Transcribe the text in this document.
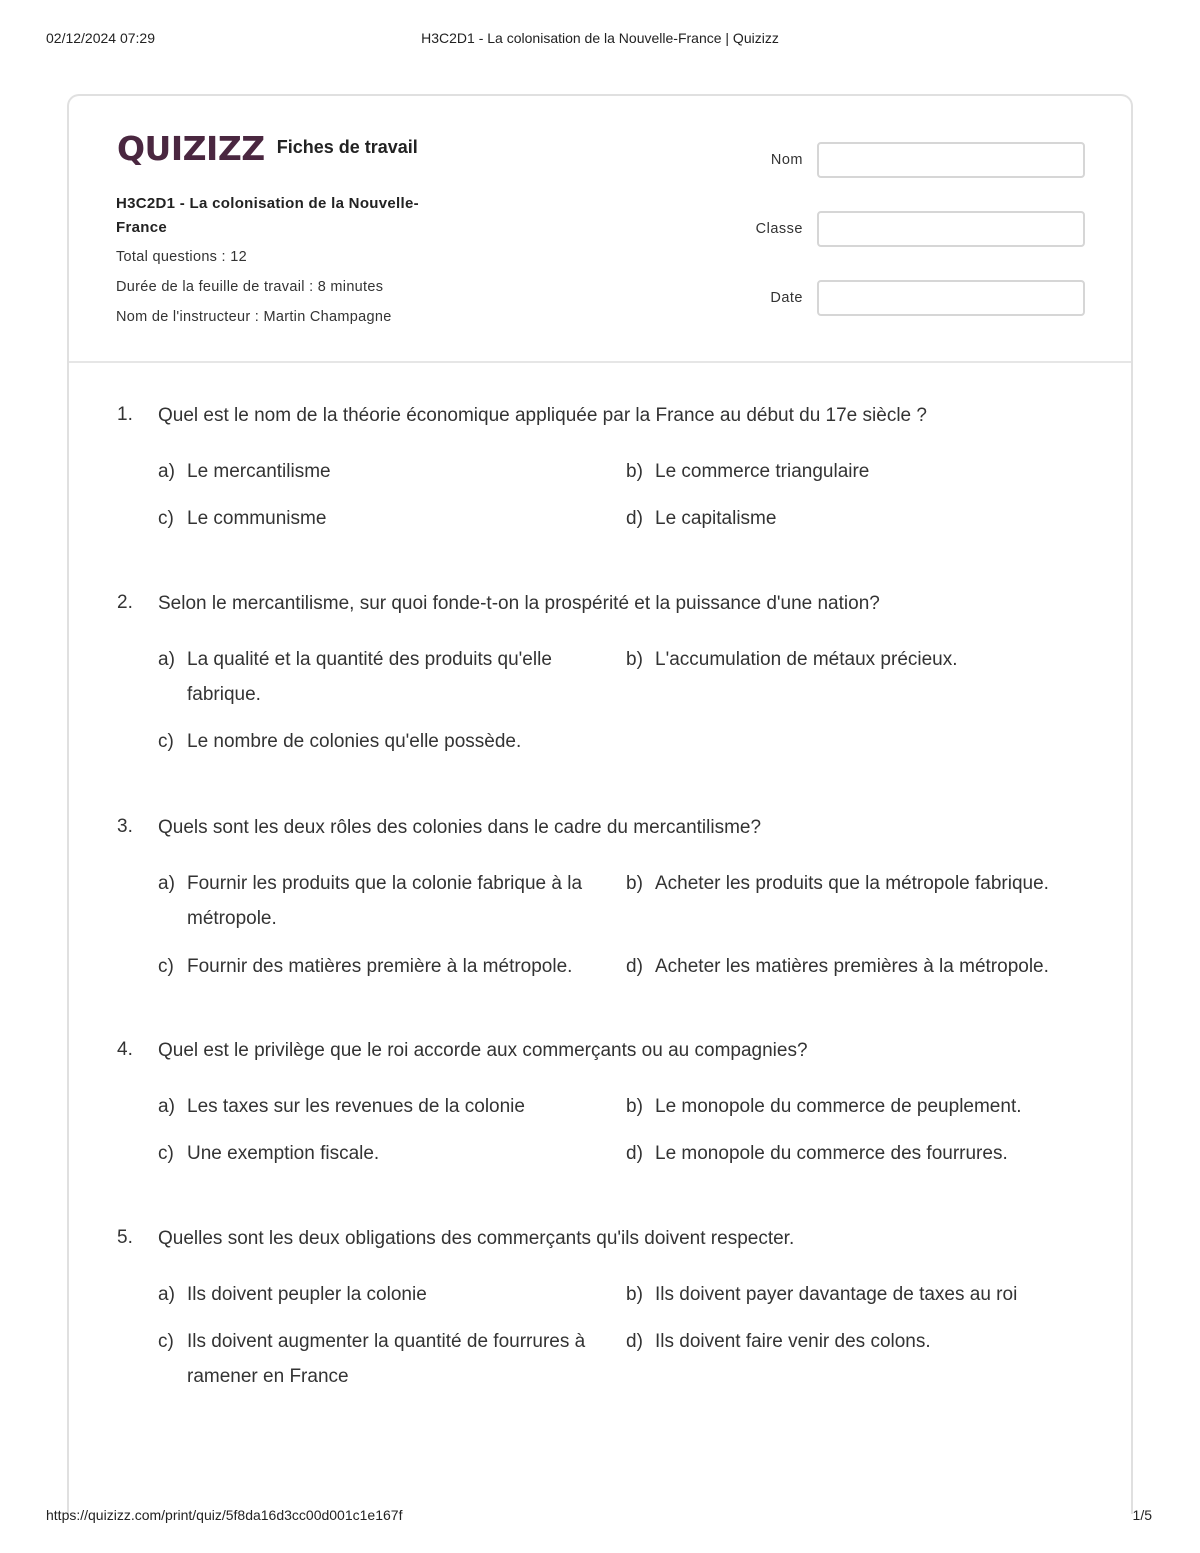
02/12/2024 07:29	H3C2D1 - La colonisation de la Nouvelle-France | Quizizz
QUIZIZZ Fiches de travail
H3C2D1 - La colonisation de la Nouvelle-France
Total questions : 12
Durée de la feuille de travail : 8 minutes
Nom de l'instructeur : Martin Champagne
Nom
Classe
Date
1. Quel est le nom de la théorie économique appliquée par la France au début du 17e siècle ?
a) Le mercantilisme	b) Le commerce triangulaire
c) Le communisme	d) Le capitalisme
2. Selon le mercantilisme, sur quoi fonde-t-on la prospérité et la puissance d'une nation?
a) La qualité et la quantité des produits qu'elle fabrique.
b) L'accumulation de métaux précieux.
c) Le nombre de colonies qu'elle possède.
3. Quels sont les deux rôles des colonies dans le cadre du mercantilisme?
a) Fournir les produits que la colonie fabrique à la métropole.
b) Acheter les produits que la métropole fabrique.
c) Fournir des matières première à la métropole.	d) Acheter les matières premières à la métropole.
4. Quel est le privilège que le roi accorde aux commerçants ou au compagnies?
a) Les taxes sur les revenues de la colonie	b) Le monopole du commerce de peuplement.
c) Une exemption fiscale.	d) Le monopole du commerce des fourrures.
5. Quelles sont les deux obligations des commerçants qu'ils doivent respecter.
a) Ils doivent peupler la colonie	b) Ils doivent payer davantage de taxes au roi
c) Ils doivent augmenter la quantité de fourrures à ramener en France
d) Ils doivent faire venir des colons.
https://quizizz.com/print/quiz/5f8da16d3cc00d001c1e167f	1/5
